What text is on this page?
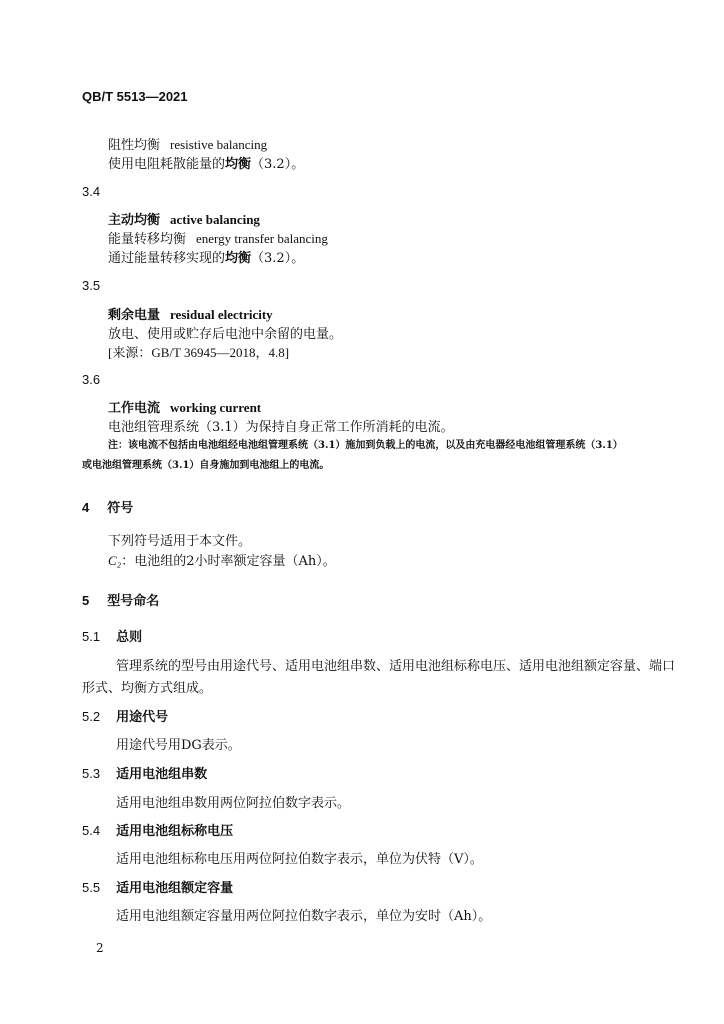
QB/T 5513—2021
阻性均衡 resistive balancing
使用电阻耗散能量的均衡（3.2）。
3.4
主动均衡 active balancing
能量转移均衡 energy transfer balancing
通过能量转移实现的均衡（3.2）。
3.5
剩余电量 residual electricity
放电、使用或贮存后电池中余留的电量。
[来源：GB/T 36945—2018，4.8]
3.6
工作电流 working current
电池组管理系统（3.1）为保持自身正常工作所消耗的电流。
注：该电流不包括由电池组经电池组管理系统（3.1）施加到负载上的电流，以及由充电器经电池组管理系统（3.1）
或电池组管理系统（3.1）自身施加到电池组上的电流。
4 符号
下列符号适用于本文件。
C₂：电池组的2小时率额定容量（Ah）。
5 型号命名
5.1 总则
管理系统的型号由用途代号、适用电池组串数、适用电池组标称电压、适用电池组额定容量、端口
形式、均衡方式组成。
5.2 用途代号
用途代号用DG表示。
5.3 适用电池组串数
适用电池组串数用两位阿拉伯数字表示。
5.4 适用电池组标称电压
适用电池组标称电压用两位阿拉伯数字表示，单位为伏特（V）。
5.5 适用电池组额定容量
适用电池组额定容量用两位阿拉伯数字表示，单位为安时（Ah）。
2
